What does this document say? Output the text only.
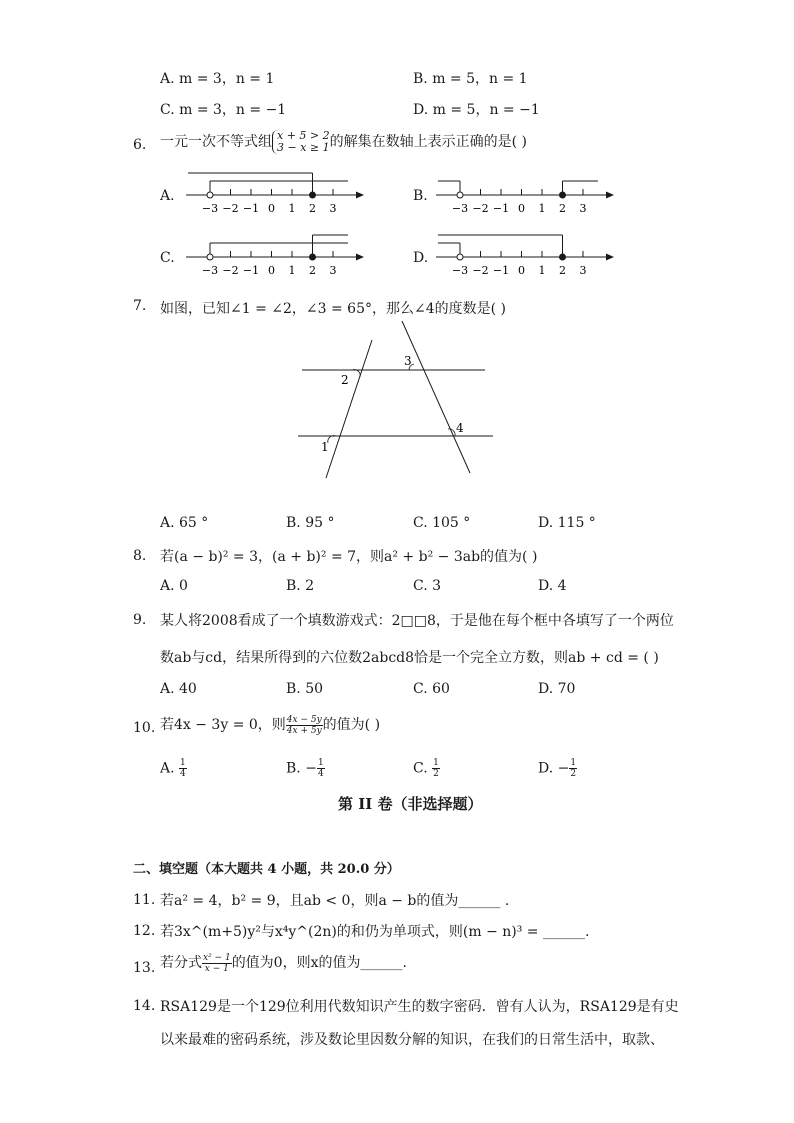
A. m = 3，n = 1	B. m = 5，n = 1
C. m = 3，n = −1	D. m = 5，n = −1
6. 一元一次不等式组 x + 5 > 2
3 − x ≥ 1 的解集在数轴上表示正确的是( )
A.	B.
C.	D.
−3 −2 −1 0 1 2 3	−3 −2 −1 0 1 2 3
−3 −2 −1 0 1 2 3	−3 −2 −1 0 1 2 3
7. 如图，已知∠1 = ∠2，∠3 = 65°，那么∠4的度数是( )
1
2
3
4
A. 65 °	B. 95 °	C. 105 °	D. 115 °
8. 若(a − b)² = 3，(a + b)² = 7，则a² + b² − 3ab的值为( )
A. 0	B. 2	C. 3	D. 4
9. 某人将2008看成了一个填数游戏式：2□□8，于是他在每个框中各填写了一个两位
数ab与cd，结果所得到的六位数2abcd8恰是一个完全立方数，则ab + cd = ( )
A. 40	B. 50	C. 60	D. 70
10. 若4x − 3y = 0，则 $\frac{4x - 5y}{4x + 5y}$ 的值为( )
A. $\frac{1}{4}$	B. − $\frac{1}{4}$	C. $\frac{1}{2}$	D. − $\frac{1}{2}$
第 II 卷（非选择题）
二、填空题（本大题共 4 小题，共 20.0 分）
11. 若a² = 4，b² = 9，且ab < 0，则a − b的值为______ .
12. 若3x^(m+5)y²与x⁴y^(2n)的和仍为单项式，则(m − n)³ = ______.
13. 若分式 $\frac{\text{x² − 1}}{x - 1}$ 的值为0，则x的值为______.
14. RSA129是一个129位利用代数知识产生的数字密码．曾有人认为，RSA129是有史
以来最难的密码系统，涉及数论里因数分解的知识，在我们的日常生活中，取款、
